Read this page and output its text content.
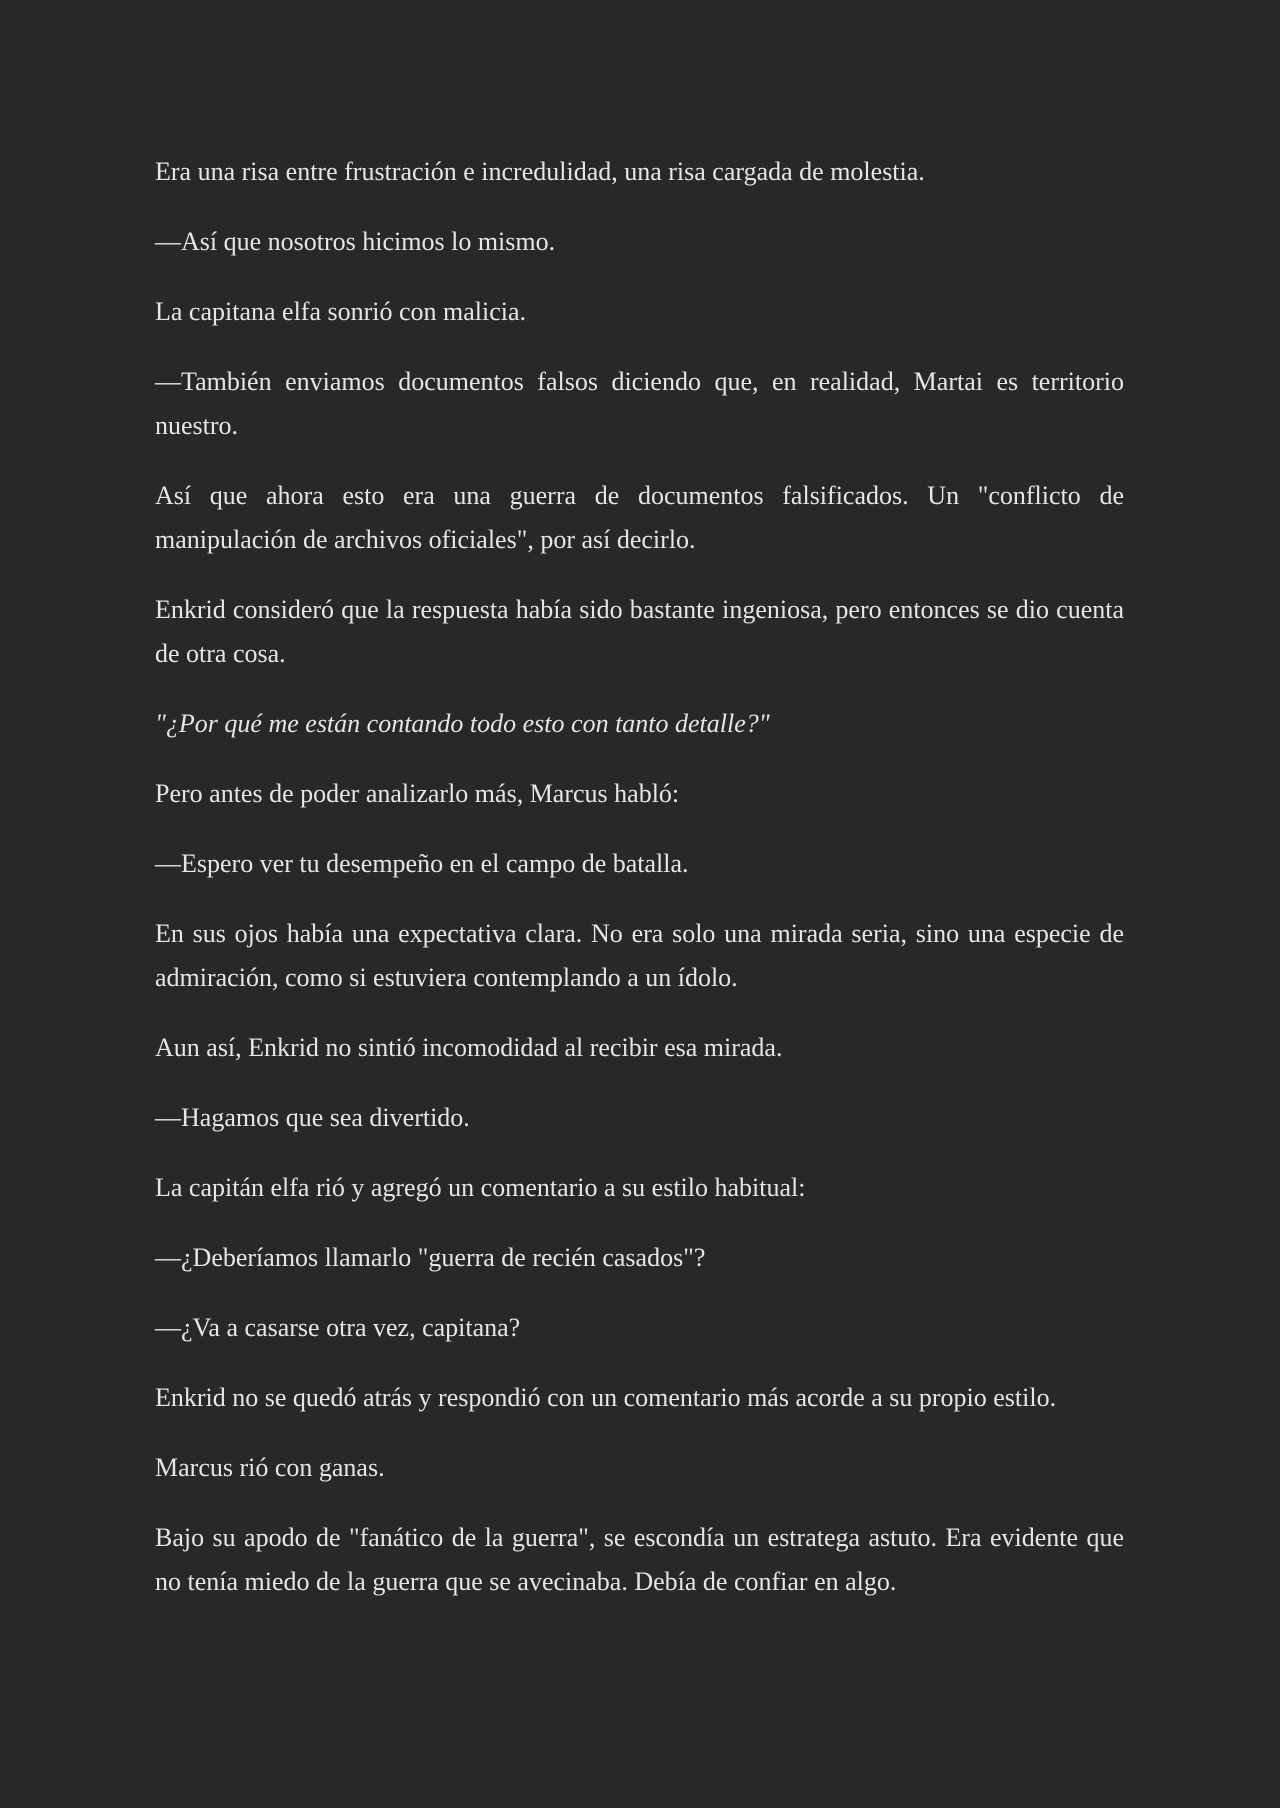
Era una risa entre frustración e incredulidad, una risa cargada de molestia.

—Así que nosotros hicimos lo mismo.

La capitana elfa sonrió con malicia.

—También enviamos documentos falsos diciendo que, en realidad, Martai es territorio nuestro.

Así que ahora esto era una guerra de documentos falsificados. Un "conflicto de manipulación de archivos oficiales", por así decirlo.

Enkrid consideró que la respuesta había sido bastante ingeniosa, pero entonces se dio cuenta de otra cosa.

"¿Por qué me están contando todo esto con tanto detalle?"

Pero antes de poder analizarlo más, Marcus habló:

—Espero ver tu desempeño en el campo de batalla.

En sus ojos había una expectativa clara. No era solo una mirada seria, sino una especie de admiración, como si estuviera contemplando a un ídolo.

Aun así, Enkrid no sintió incomodidad al recibir esa mirada.

—Hagamos que sea divertido.

La capitán elfa rió y agregó un comentario a su estilo habitual:

—¿Deberíamos llamarlo "guerra de recién casados"?

—¿Va a casarse otra vez, capitana?

Enkrid no se quedó atrás y respondió con un comentario más acorde a su propio estilo.

Marcus rió con ganas.

Bajo su apodo de "fanático de la guerra", se escondía un estratega astuto. Era evidente que no tenía miedo de la guerra que se avecinaba. Debía de confiar en algo.
